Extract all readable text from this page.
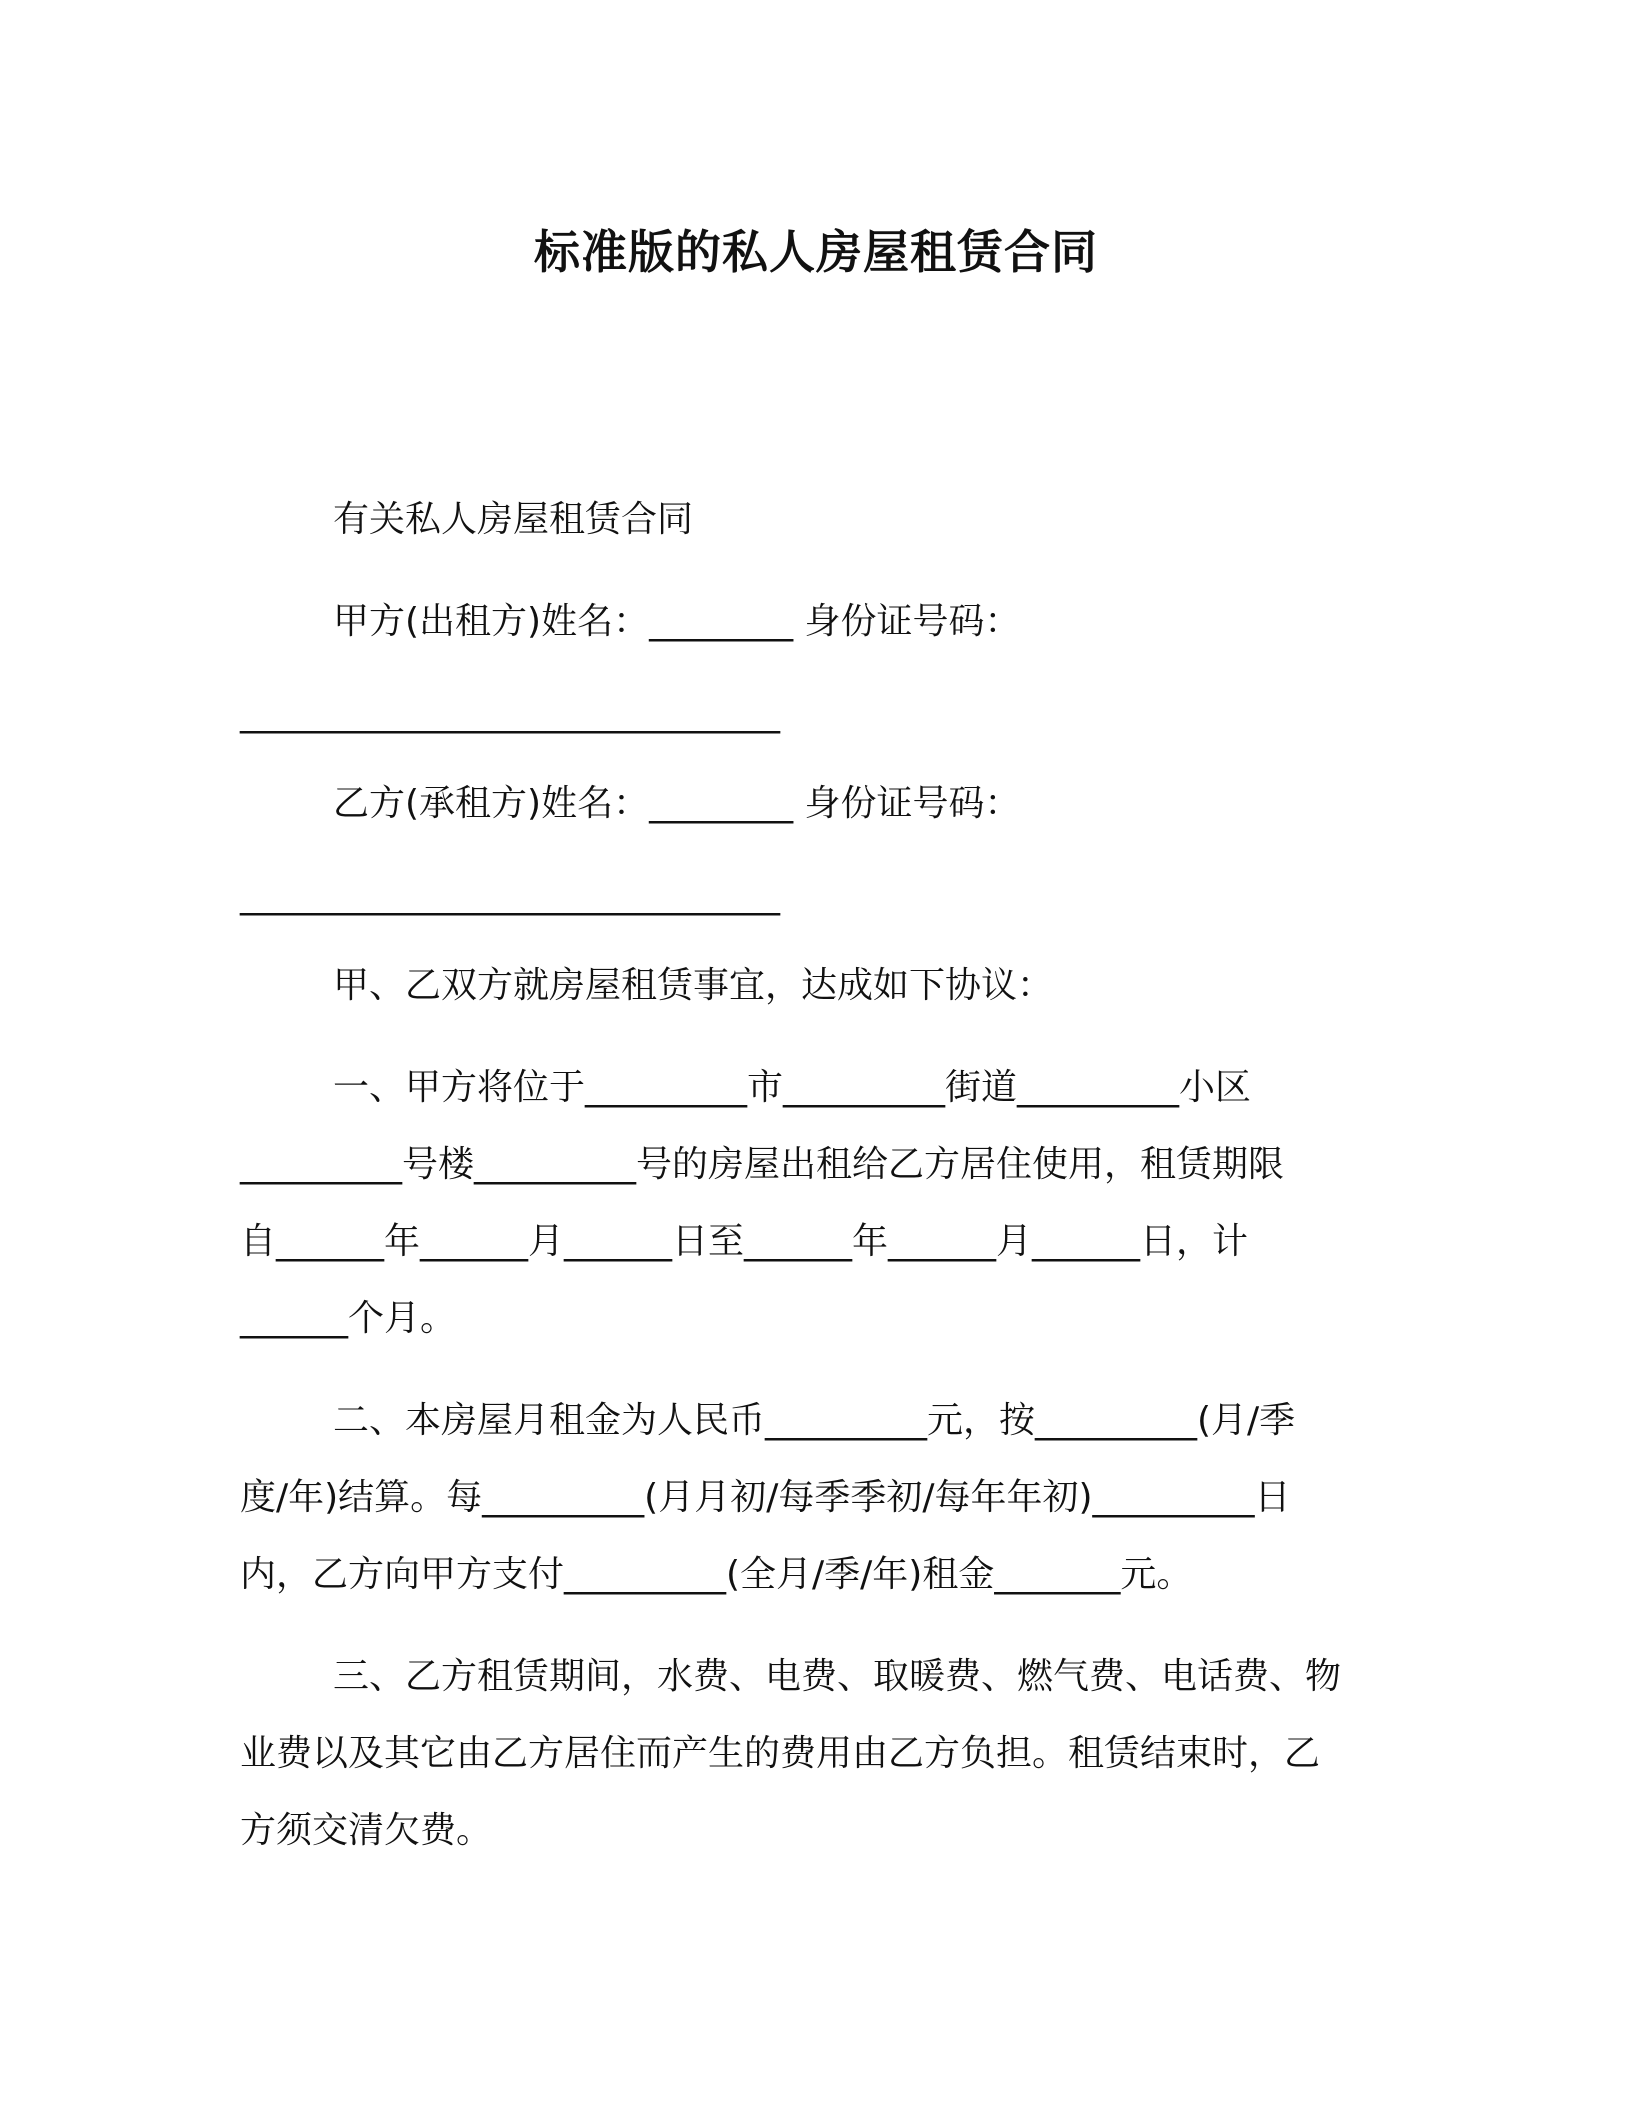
标准版的私人房屋租赁合同
有关私人房屋租赁合同
甲方(出租方)姓名：________ 身份证号码：
______________________________
乙方(承租方)姓名：________ 身份证号码：
______________________________
甲、乙双方就房屋租赁事宜，达成如下协议：
一、甲方将位于_________市_________街道_________小区
_________号楼_________号的房屋出租给乙方居住使用，租赁期限
自______年______月______日至______年______月______日，计
______个月。
二、本房屋月租金为人民币_________元，按_________(月/季
度/年)结算。每_________(月月初/每季季初/每年年初)_________日
内，乙方向甲方支付_________(全月/季/年)租金_______元。
三、乙方租赁期间，水费、电费、取暖费、燃气费、电话费、物
业费以及其它由乙方居住而产生的费用由乙方负担。租赁结束时，乙
方须交清欠费。
